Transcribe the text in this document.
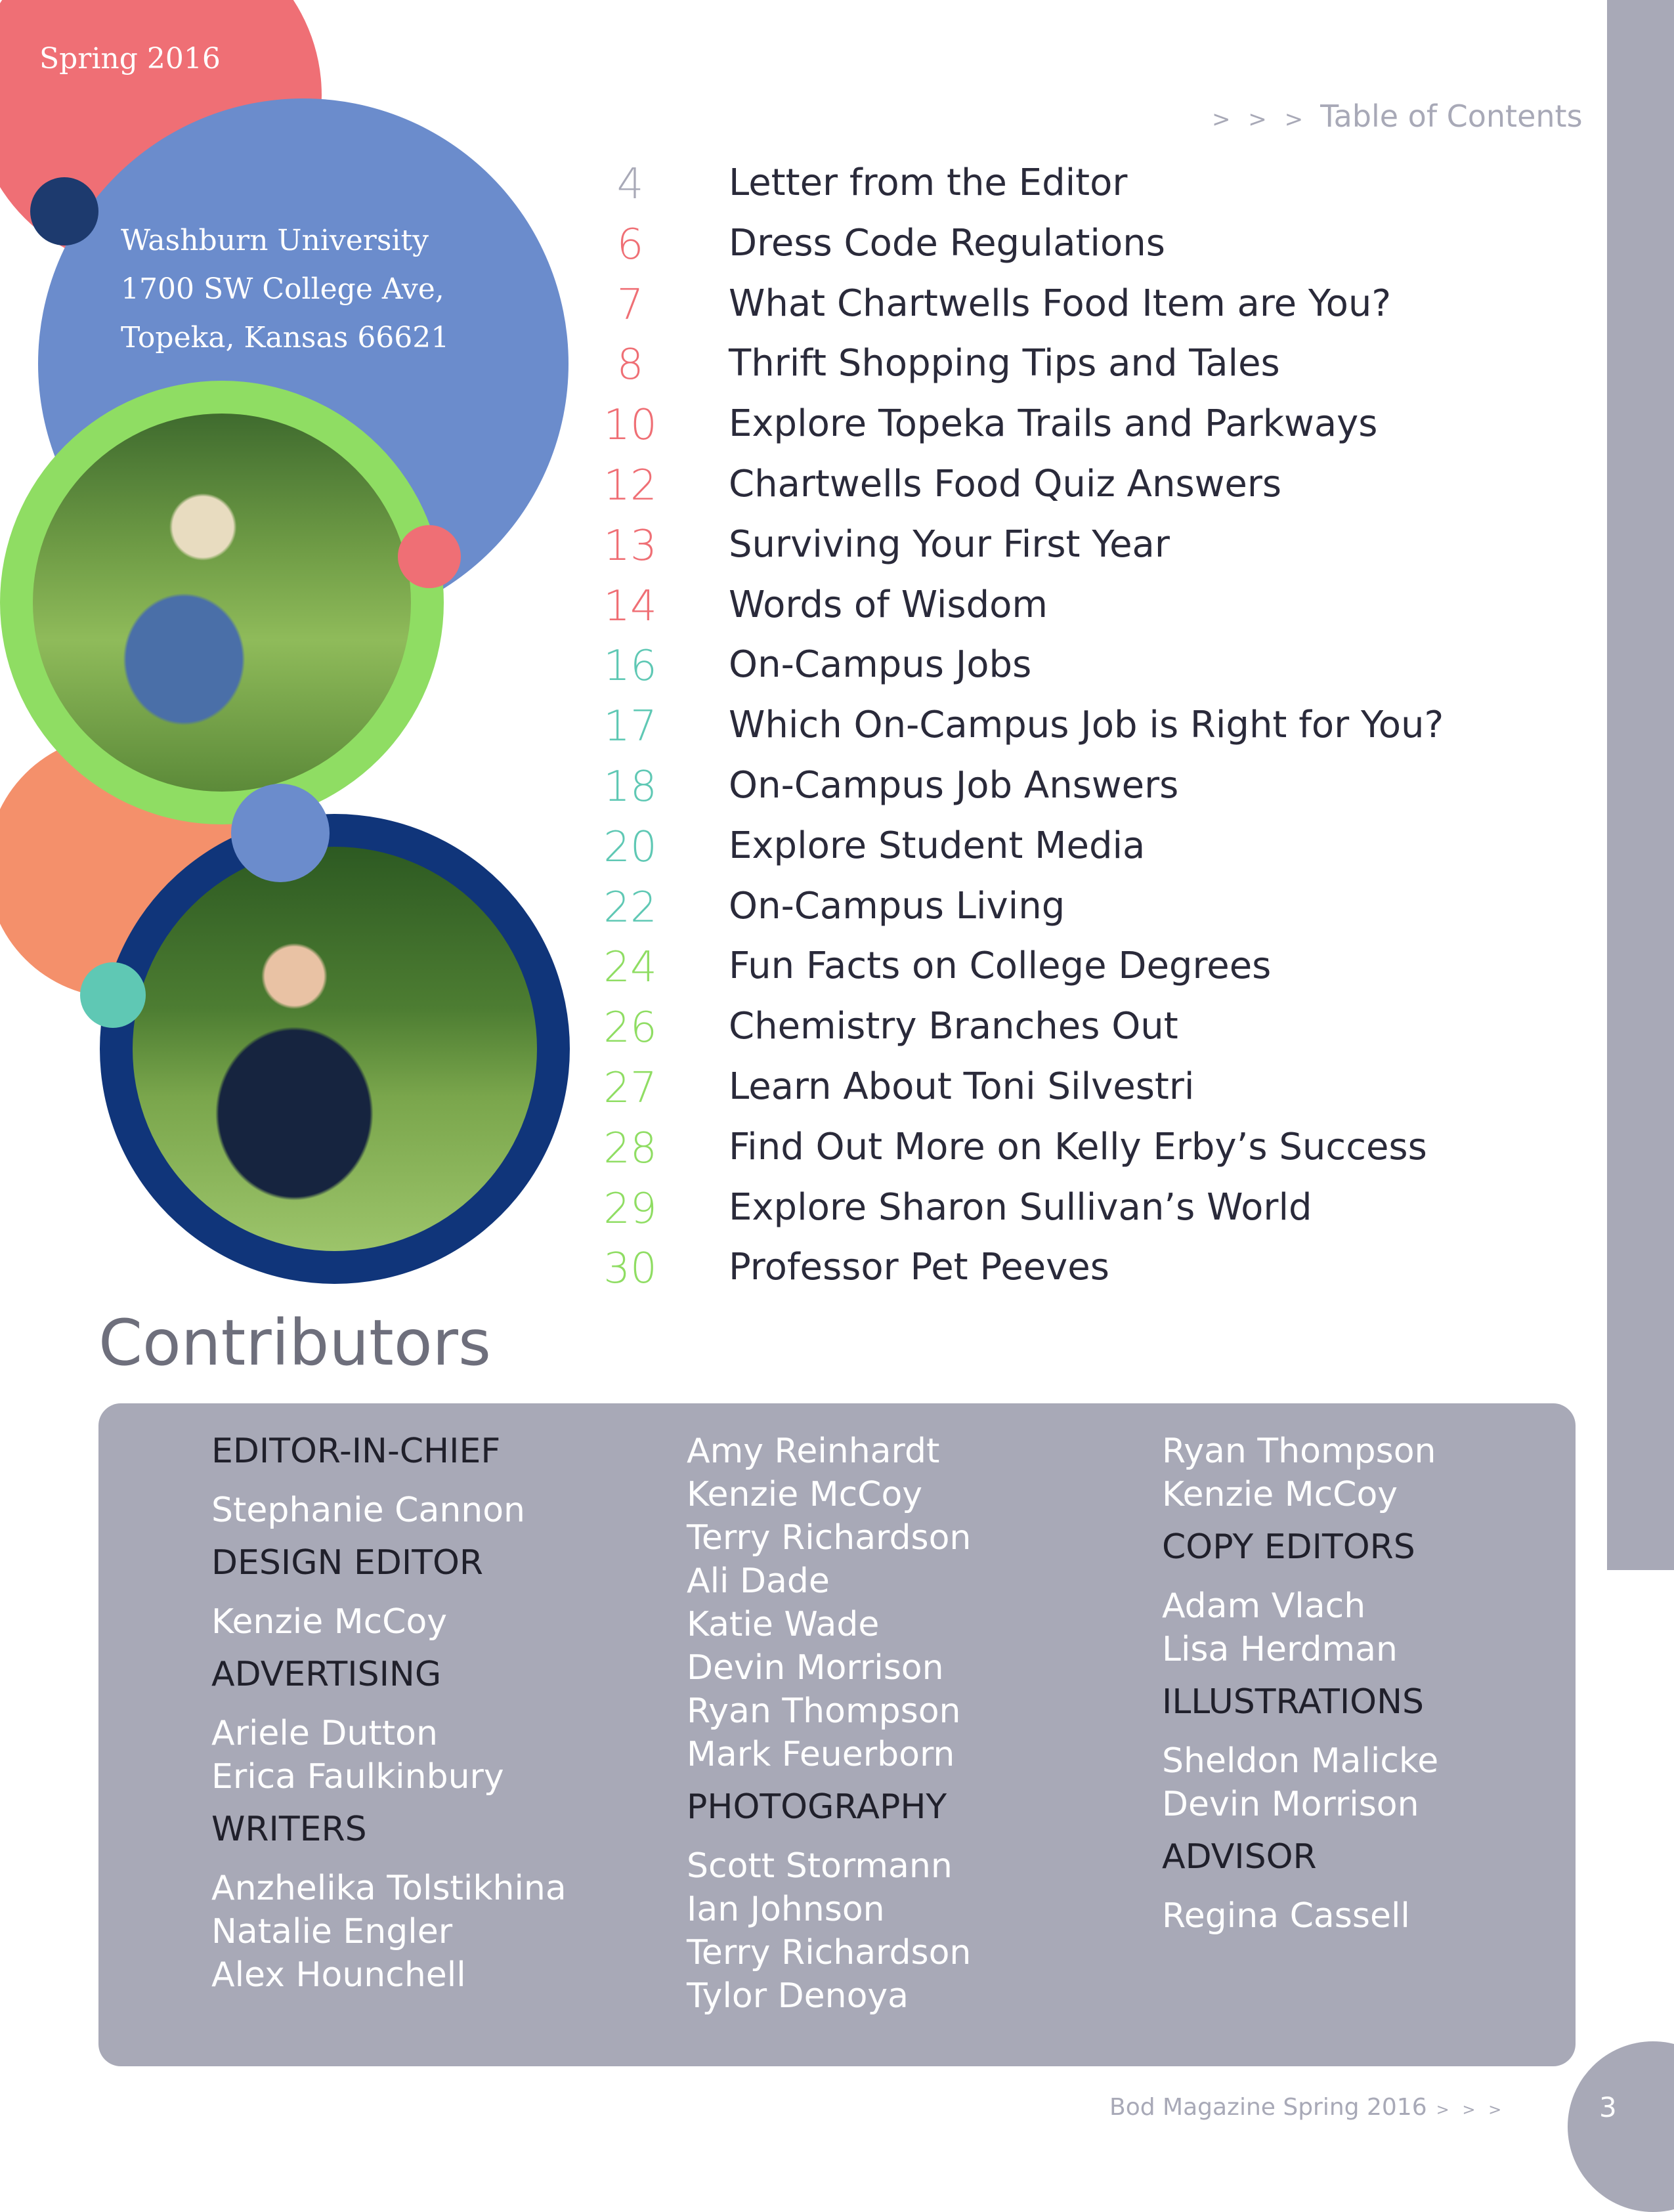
Spring 2016
Washburn University
1700 SW College Ave,
Topeka, Kansas 66621
> > > Table of Contents
4	Letter from the Editor
6	Dress Code Regulations
7	What Chartwells Food Item are You?
8	Thrift Shopping Tips and Tales
10	Explore Topeka Trails and Parkways
12	Chartwells Food Quiz Answers
13	Surviving Your First Year
14	Words of Wisdom
16	On-Campus Jobs
17	Which On-Campus Job is Right for You?
18	On-Campus Job Answers
20	Explore Student Media
22	On-Campus Living
24	Fun Facts on College Degrees
26	Chemistry Branches Out
27	Learn About Toni Silvestri
28	Find Out More on Kelly Erby’s Success
29	Explore Sharon Sullivan’s World
30	Professor Pet Peeves
Contributors
EDITOR-IN-CHIEF
Stephanie Cannon
DESIGN EDITOR
Kenzie McCoy
ADVERTISING
Ariele Dutton
Erica Faulkinbury
WRITERS
Anzhelika Tolstikhina
Natalie Engler
Alex Hounchell
Amy Reinhardt
Kenzie McCoy
Terry Richardson
Ali Dade
Katie Wade
Devin Morrison
Ryan Thompson
Mark Feuerborn
PHOTOGRAPHY
Scott Stormann
Ian Johnson
Terry Richardson
Tylor Denoya
Ryan Thompson
Kenzie McCoy
COPY EDITORS
Adam Vlach
Lisa Herdman
ILLUSTRATIONS
Sheldon Malicke
Devin Morrison
ADVISOR
Regina Cassell
Bod Magazine Spring 2016 > > >	3
